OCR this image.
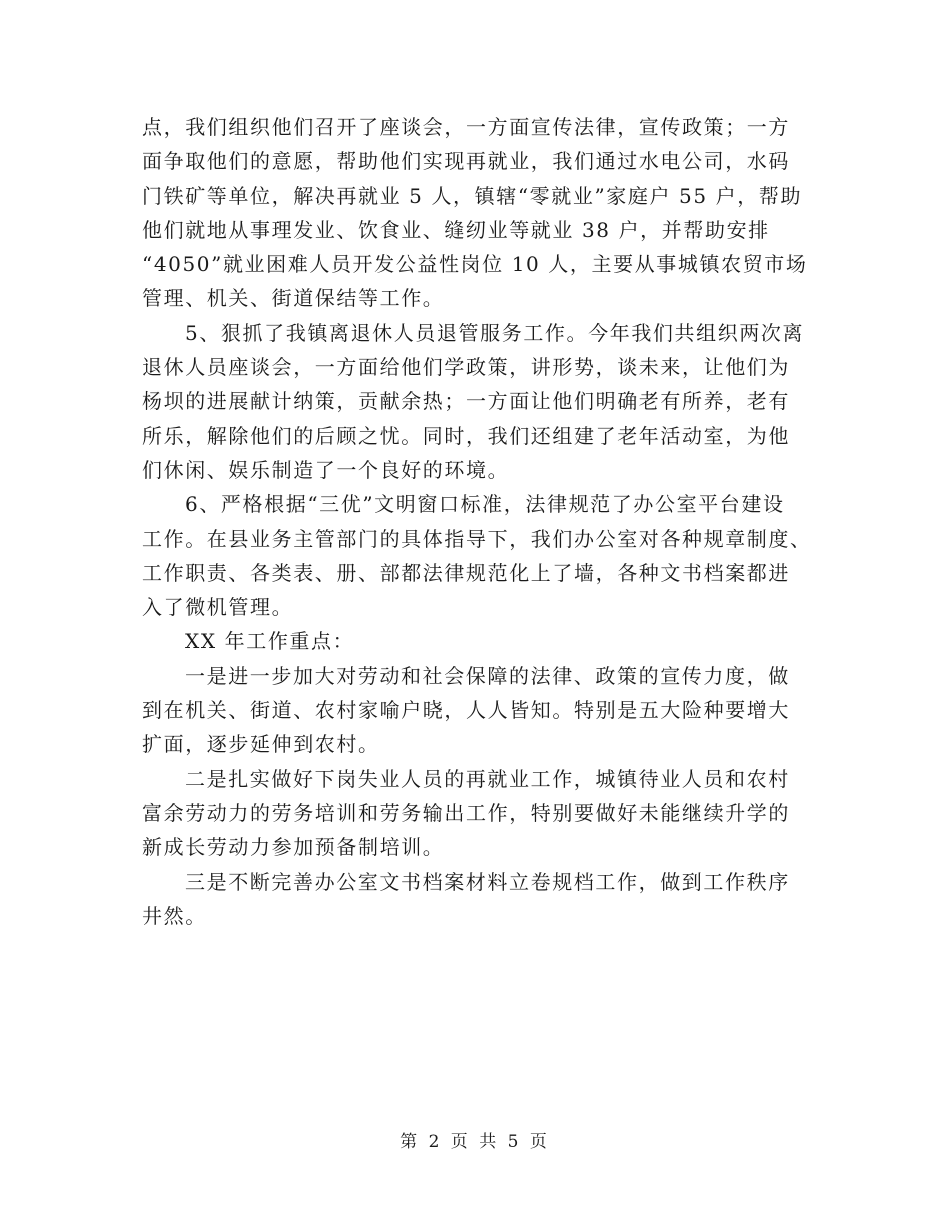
点，我们组织他们召开了座谈会，一方面宣传法律，宣传政策；一方
面争取他们的意愿，帮助他们实现再就业，我们通过水电公司，水码
门铁矿等单位，解决再就业 5 人，镇辖“零就业”家庭户 55 户，帮助
他们就地从事理发业、饮食业、缝纫业等就业 38 户，并帮助安排
“4050”就业困难人员开发公益性岗位 10 人，主要从事城镇农贸市场
管理、机关、街道保结等工作。

5、狠抓了我镇离退休人员退管服务工作。今年我们共组织两次离
退休人员座谈会，一方面给他们学政策，讲形势，谈未来，让他们为
杨坝的进展献计纳策，贡献余热；一方面让他们明确老有所养，老有
所乐，解除他们的后顾之忧。同时，我们还组建了老年活动室，为他
们休闲、娱乐制造了一个良好的环境。

6、严格根据“三优”文明窗口标准，法律规范了办公室平台建设
工作。在县业务主管部门的具体指导下，我们办公室对各种规章制度、
工作职责、各类表、册、部都法律规范化上了墙，各种文书档案都进
入了微机管理。

XX 年工作重点：

一是进一步加大对劳动和社会保障的法律、政策的宣传力度，做
到在机关、街道、农村家喻户晓，人人皆知。特别是五大险种要增大
扩面，逐步延伸到农村。

二是扎实做好下岗失业人员的再就业工作，城镇待业人员和农村
富余劳动力的劳务培训和劳务输出工作，特别要做好未能继续升学的
新成长劳动力参加预备制培训。

三是不断完善办公室文书档案材料立卷规档工作，做到工作秩序
井然。

第 2 页 共 5 页
